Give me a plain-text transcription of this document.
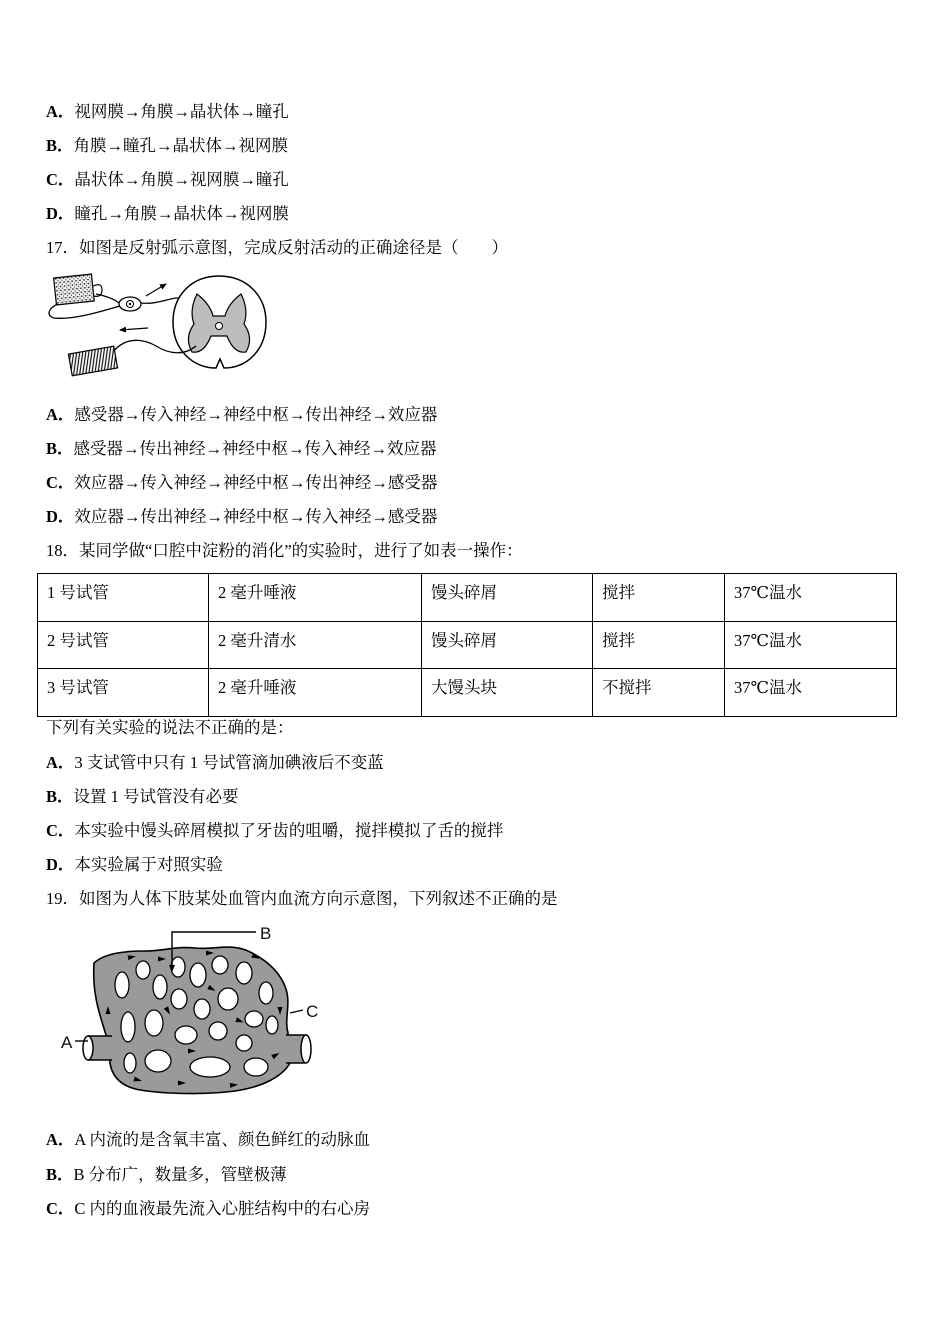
A．视网膜→角膜→晶状体→瞳孔
B．角膜→瞳孔→晶状体→视网膜
C．晶状体→角膜→视网膜→瞳孔
D．瞳孔→角膜→晶状体→视网膜
17．如图是反射弧示意图，完成反射活动的正确途径是（　　）
A．感受器→传入神经→神经中枢→传出神经→效应器
B．感受器→传出神经→神经中枢→传入神经→效应器
C．效应器→传入神经→神经中枢→传出神经→感受器
D．效应器→传出神经→神经中枢→传入神经→感受器
18．某同学做“口腔中淀粉的消化”的实验时，进行了如表一操作：
1 号试管	2 毫升唾液	馒头碎屑	搅拌	37℃温水
2 号试管	2 毫升清水	馒头碎屑	搅拌	37℃温水
3 号试管	2 毫升唾液	大馒头块	不搅拌	37℃温水
下列有关实验的说法不正确的是：
A．3 支试管中只有 1 号试管滴加碘液后不变蓝
B．设置 1 号试管没有必要
C．本实验中馒头碎屑模拟了牙齿的咀嚼，搅拌模拟了舌的搅拌
D．本实验属于对照实验
19．如图为人体下肢某处血管内血流方向示意图，下列叙述不正确的是
B
C
A
A．A 内流的是含氧丰富、颜色鲜红的动脉血
B．B 分布广，数量多，管壁极薄
C．C 内的血液最先流入心脏结构中的右心房
